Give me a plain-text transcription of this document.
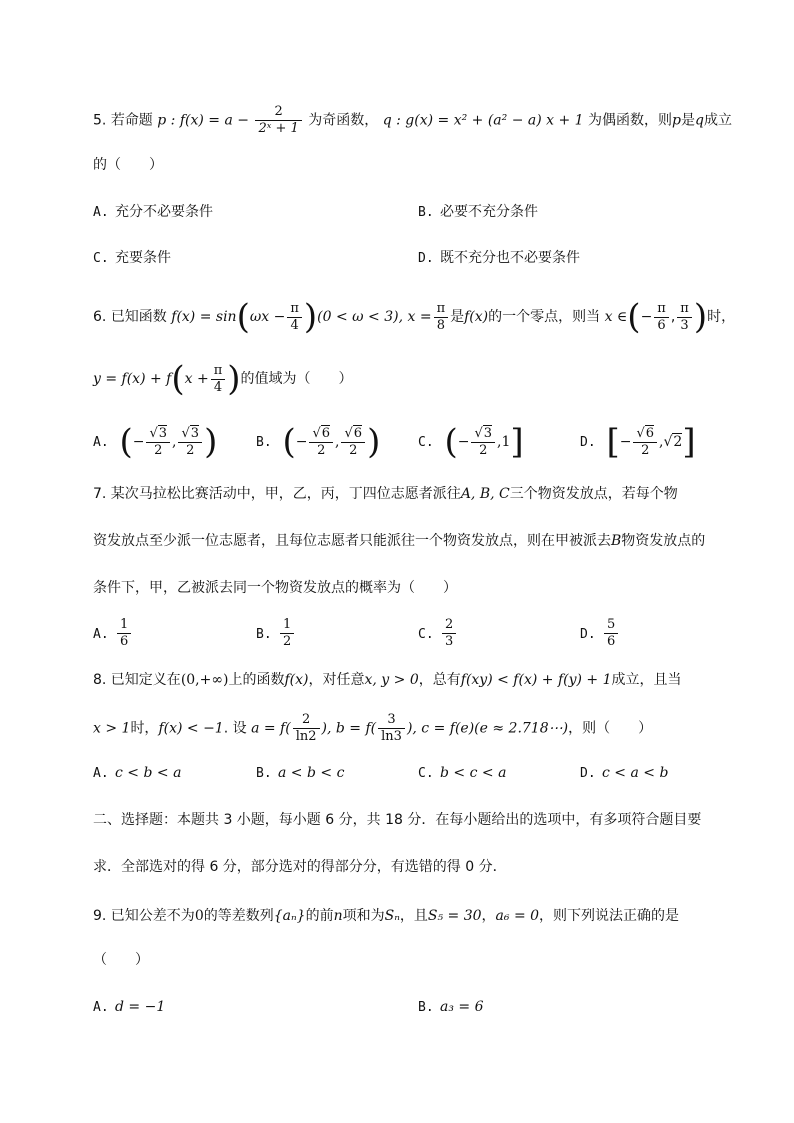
5. 若命题 p : $f(x) = a - \frac{2}{\text{2ˣ + 1}}$ 为奇函数， q : g(x) = x² + (a² − a) x + 1 为偶函数，则p是q成立
的（　　）
A. 充分不必要条件	B. 必要不充分条件
C. 充要条件	D. 既不充分也不必要条件
6. 已知函数 $f(x) = \sin(\omega x - \frac{\pi}{4} )(0 < \omega < 3)$, $x = \frac{\pi}{8}$ 是f(x)的一个零点，则当 x ∈(− $\frac{\pi}{6}$ , $\frac{\pi}{3}$ )时，
$y = f(x) + f(x + \frac{\pi}{4}$ )的值域为（　　）
A. (− $\frac{√3}{2}$ , $\frac{√3}{2}$ )	B. (− $\frac{√6}{2}$ , $\frac{√6}{2}$ )	C. (− $\frac{√3}{2} ,1$]	D. [− $\frac{√6}{2} ,√2$]
7. 某次马拉松比赛活动中，甲，乙，丙，丁四位志愿者派往A, B, C三个物资发放点，若每个物
资发放点至少派一位志愿者，且每位志愿者只能派往一个物资发放点，则在甲被派去B物资发放点的
条件下，甲，乙被派去同一个物资发放点的概率为（　　）
A. $\frac{1}{6}$	B. $\frac{1}{2}$	C. $\frac{2}{3}$	D. $\frac{5}{6}$
8. 已知定义在(0,+∞)上的函数f(x)，对任意x, y > 0，总有f(xy) < f(x) + f(y) + 1成立，且当
x > 1时，f(x) < −1. 设 $a = f( \frac{2}{\ln 2}$ ), $b = f( \frac{3}{\ln 3}$ ), c = f(e)(e ≈ 2.718⋯)，则（　　）
A. c < b < a	B. a < b < c	C. b < c < a	D. c < a < b
二、选择题：本题共 3 小题，每小题 6 分，共 18 分．在每小题给出的选项中，有多项符合题目要
求．全部选对的得 6 分，部分选对的得部分分，有选错的得 0 分．
9. 已知公差不为0的等差数列{aₙ}的前n项和为Sₙ，且S₅ = 30，a₆ = 0，则下列说法正确的是
（　　）
A. d = −1	B. a₃ = 6
